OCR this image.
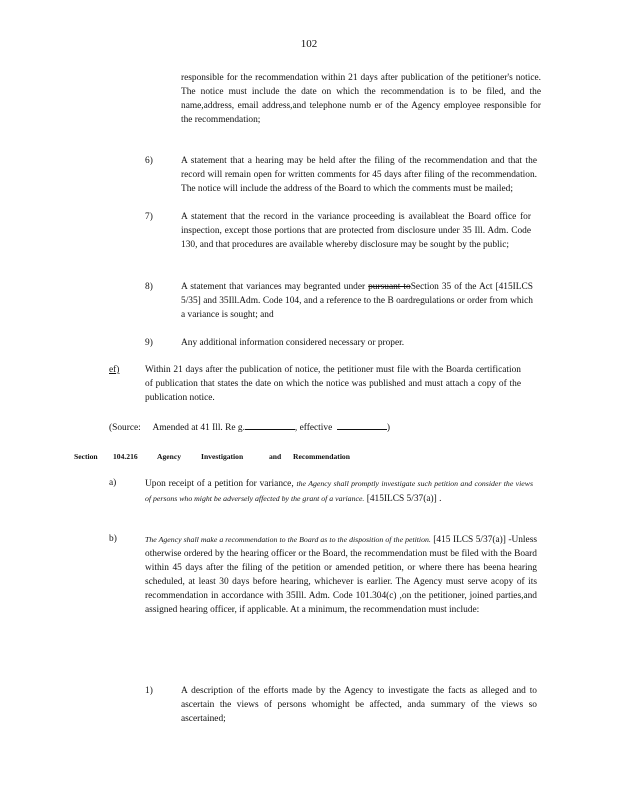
102
responsible for the recommendation within 21 days after publication of the petitioner's notice. The notice must include the date on which the recommendation is to be filed, and the name,address, email address,and telephone numb er of the Agency employee responsible for the recommendation;
6)	A statement that a hearing may be held after the filing of the recommendation and that the record will remain open for written comments for 45 days after filing of the recommendation. The notice will include the address of the Board to which the comments must be mailed;
7)	A statement that the record in the variance proceeding is availableat the Board office for inspection, except those portions that are protected from disclosure under 35 Ill. Adm. Code 130, and that procedures are available whereby disclosure may be sought by the public;
8)	A statement that variances may begranted under pursuant toSection 35 of the Act [415ILCS 5/35] and 35Ill.Adm. Code 104, and a reference to the B oardregulations or order from which a variance is sought; and
9)	Any additional information considered necessary or proper.
ef)	Within 21 days after the publication of notice, the petitioner must file with the Boarda certification of publication that states the date on which the notice was published and must attach a copy of the publication notice.
(Source: Amended at 41 Ill. Re g.	, effective	)
Section 104.216	Agency	Investigation	and Recommendation
a)	Upon receipt of a petition for variance, the Agency shall promptly investigate such petition and consider the views of persons who might be adversely affected by the grant of a variance. [415ILCS 5/37(a)] .
b)	The Agency shall make a recommendation to the Board as to the disposition of the petition. [415 ILCS 5/37(a)] -Unless otherwise ordered by the hearing officer or the Board, the recommendation must be filed with the Board within 45 days after the filing of the petition or amended petition, or where there has beena hearing scheduled, at least 30 days before hearing, whichever is earlier. The Agency must serve acopy of its recommendation in accordance with 35Ill. Adm. Code 101.304(c) ,on the petitioner, joined parties,and assigned hearing officer, if applicable. At a minimum, the recommendation must include:
1)	A description of the efforts made by the Agency to investigate the facts as alleged and to ascertain the views of persons whomight be affected, anda summary of the views so ascertained;
